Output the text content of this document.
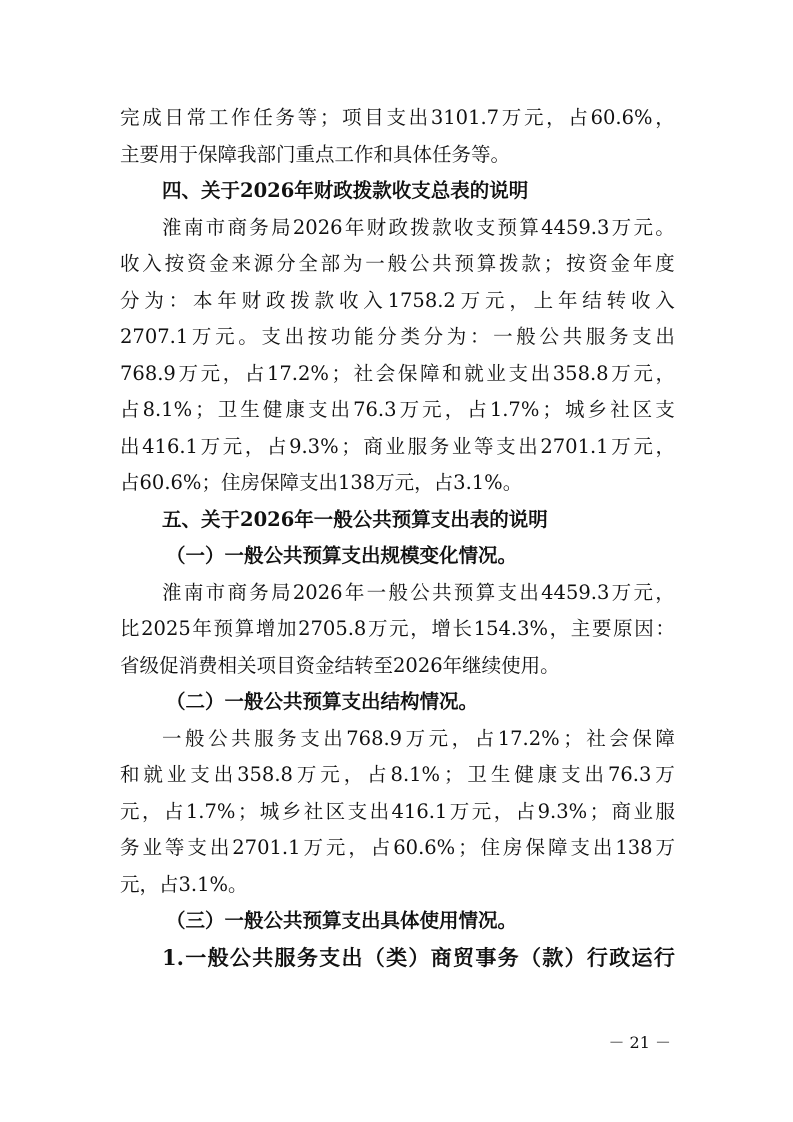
完 成 日 常 工 作 任 务 等 ； 项 目 支 出 3101.7 万 元 ， 占 60.6% ，
主要用于保障我部门重点工作和具体任务等。
四、关于2026年财政拨款收支总表的说明
淮 南 市 商 务 局 2026 年 财 政 拨 款 收 支 预 算 4459.3 万 元 。
收 入 按 资 金 来 源 分 全 部 为 一 般 公 共 预 算 拨 款 ； 按 资 金 年 度
分 为 ： 本 年 财 政 拨 款 收 入 1758.2 万 元 ， 上 年 结 转 收 入
2707.1 万 元 。 支 出 按 功 能 分 类 分 为 ： 一 般 公 共 服 务 支 出
768.9 万 元 ， 占 17.2% ； 社 会 保 障 和 就 业 支 出 358.8 万 元 ，
占 8.1% ； 卫 生 健 康 支 出 76.3 万 元 ， 占 1.7% ； 城 乡 社 区 支
出 416.1 万 元 ， 占 9.3% ； 商 业 服 务 业 等 支 出 2701.1 万 元 ，
占60.6%；住房保障支出138万元，占3.1%。
五、关于2026年一般公共预算支出表的说明
（一）一般公共预算支出规模变化情况。
淮 南 市 商 务 局 2026 年 一 般 公 共 预 算 支 出 4459.3 万 元 ，
比 2025 年 预 算 增 加 2705.8 万 元 ， 增 长 154.3% ， 主 要 原 因 ：
省级促消费相关项目资金结转至2026年继续使用。
（二）一般公共预算支出结构情况。
一 般 公 共 服 务 支 出 768.9 万 元 ， 占 17.2% ； 社 会 保 障
和 就 业 支 出 358.8 万 元 ， 占 8.1% ； 卫 生 健 康 支 出 76.3 万
元 ， 占 1.7% ； 城 乡 社 区 支 出 416.1 万 元 ， 占 9.3% ； 商 业 服
务 业 等 支 出 2701.1 万 元 ， 占 60.6% ； 住 房 保 障 支 出 138 万
元，占3.1%。
（三）一般公共预算支出具体使用情况。
1. 一 般 公 共 服 务 支 出 （ 类 ） 商 贸 事 务 （ 款 ） 行 政 运 行
－ 21 －
